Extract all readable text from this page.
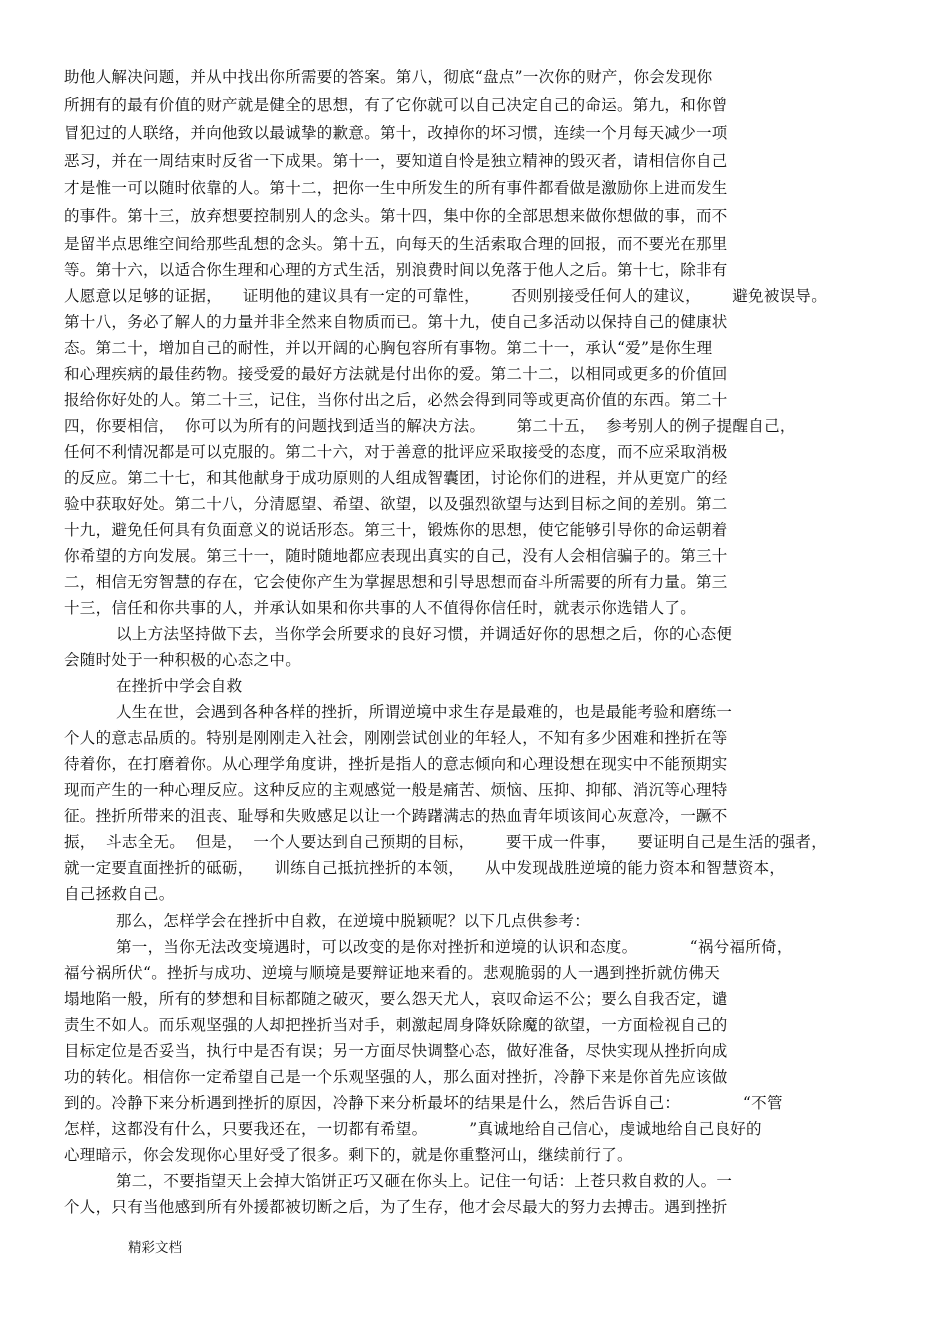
助他人解决问题，并从中找出你所需要的答案。第八，彻底“盘点”一次你的财产，你会发现你
所拥有的最有价值的财产就是健全的思想，有了它你就可以自己决定自己的命运。第九，和你曾
冒犯过的人联络，并向他致以最诚挚的歉意。第十，改掉你的坏习惯，连续一个月每天减少一项
恶习，并在一周结束时反省一下成果。第十一，要知道自怜是独立精神的毁灭者，请相信你自己
才是惟一可以随时依靠的人。第十二，把你一生中所发生的所有事件都看做是激励你上进而发生
的事件。第十三，放弃想要控制别人的念头。第十四，集中你的全部思想来做你想做的事，而不
是留半点思维空间给那些乱想的念头。第十五，向每天的生活索取合理的回报，而不要光在那里
等。第十六，以适合你生理和心理的方式生活，别浪费时间以免落于他人之后。第十七，除非有
人愿意以足够的证据，    证明他的建议具有一定的可靠性，      否则别接受任何人的建议，      避免被误导。
第十八，务必了解人的力量并非全然来自物质而已。第十九，使自己多活动以保持自己的健康状
态。第二十，增加自己的耐性，并以开阔的心胸包容所有事物。第二十一，承认“爱”是你生理
和心理疾病的最佳药物。接受爱的最好方法就是付出你的爱。第二十二，以相同或更多的价值回
报给你好处的人。第二十三，记住，当你付出之后，必然会得到同等或更高价值的东西。第二十
四，你要相信，  你可以为所有的问题找到适当的解决方法。      第二十五，  参考别人的例子提醒自己，
任何不利情况都是可以克服的。第二十六，对于善意的批评应采取接受的态度，而不应采取消极
的反应。第二十七，和其他献身于成功原则的人组成智囊团，讨论你们的进程，并从更宽广的经
验中获取好处。第二十八，分清愿望、希望、欲望，以及强烈欲望与达到目标之间的差别。第二
十九，避免任何具有负面意义的说话形态。第三十，锻炼你的思想，使它能够引导你的命运朝着
你希望的方向发展。第三十一，随时随地都应表现出真实的自己，没有人会相信骗子的。第三十
二，相信无穷智慧的存在，它会使你产生为掌握思想和引导思想而奋斗所需要的所有力量。第三
十三，信任和你共事的人，并承认如果和你共事的人不值得你信任时，就表示你选错人了。
以上方法坚持做下去，当你学会所要求的良好习惯，并调适好你的思想之后，你的心态便
会随时处于一种积极的心态之中。
在挫折中学会自救
人生在世，会遇到各种各样的挫折，所谓逆境中求生存是最难的，也是最能考验和磨练一
个人的意志品质的。特别是刚刚走入社会，刚刚尝试创业的年轻人，不知有多少困难和挫折在等
待着你，在打磨着你。从心理学角度讲，挫折是指人的意志倾向和心理设想在现实中不能预期实
现而产生的一种心理反应。这种反应的主观感觉一般是痛苦、烦恼、压抑、抑郁、消沉等心理特
征。挫折所带来的沮丧、耻辱和失败感足以让一个踌躇满志的热血青年顷该间心灰意冷，一蹶不
振，  斗志全无。  但是，  一个人要达到自己预期的目标，      要干成一件事，    要证明自己是生活的强者，
就一定要直面挫折的砥砺，    训练自己抵抗挫折的本领，    从中发现战胜逆境的能力资本和智慧资本，
自己拯救自己。
那么，怎样学会在挫折中自救，在逆境中脱颖呢？以下几点供参考：
第一，当你无法改变境遇时，可以改变的是你对挫折和逆境的认识和态度。          “祸兮福所倚，
福兮祸所伏“。挫折与成功、逆境与顺境是要辩证地来看的。悲观脆弱的人一遇到挫折就仿佛天
塌地陷一般，所有的梦想和目标都随之破灭，要么怨天尤人，哀叹命运不公；要么自我否定，谴
责生不如人。而乐观坚强的人却把挫折当对手，刺激起周身降妖除魔的欲望，一方面检视自己的
目标定位是否妥当，执行中是否有误；另一方面尽快调整心态，做好准备，尽快实现从挫折向成
功的转化。相信你一定希望自己是一个乐观坚强的人，那么面对挫折，冷静下来是你首先应该做
到的。冷静下来分析遇到挫折的原因，冷静下来分析最坏的结果是什么，然后告诉自己：            “不管
怎样，这都没有什么，只要我还在，一切都有希望。        ”真诚地给自己信心，虔诚地给自己良好的
心理暗示，你会发现你心里好受了很多。剩下的，就是你重整河山，继续前行了。
第二，不要指望天上会掉大馅饼正巧又砸在你头上。记住一句话：上苍只救自救的人。一
个人，只有当他感到所有外援都被切断之后，为了生存，他才会尽最大的努力去搏击。遇到挫折
精彩文档
